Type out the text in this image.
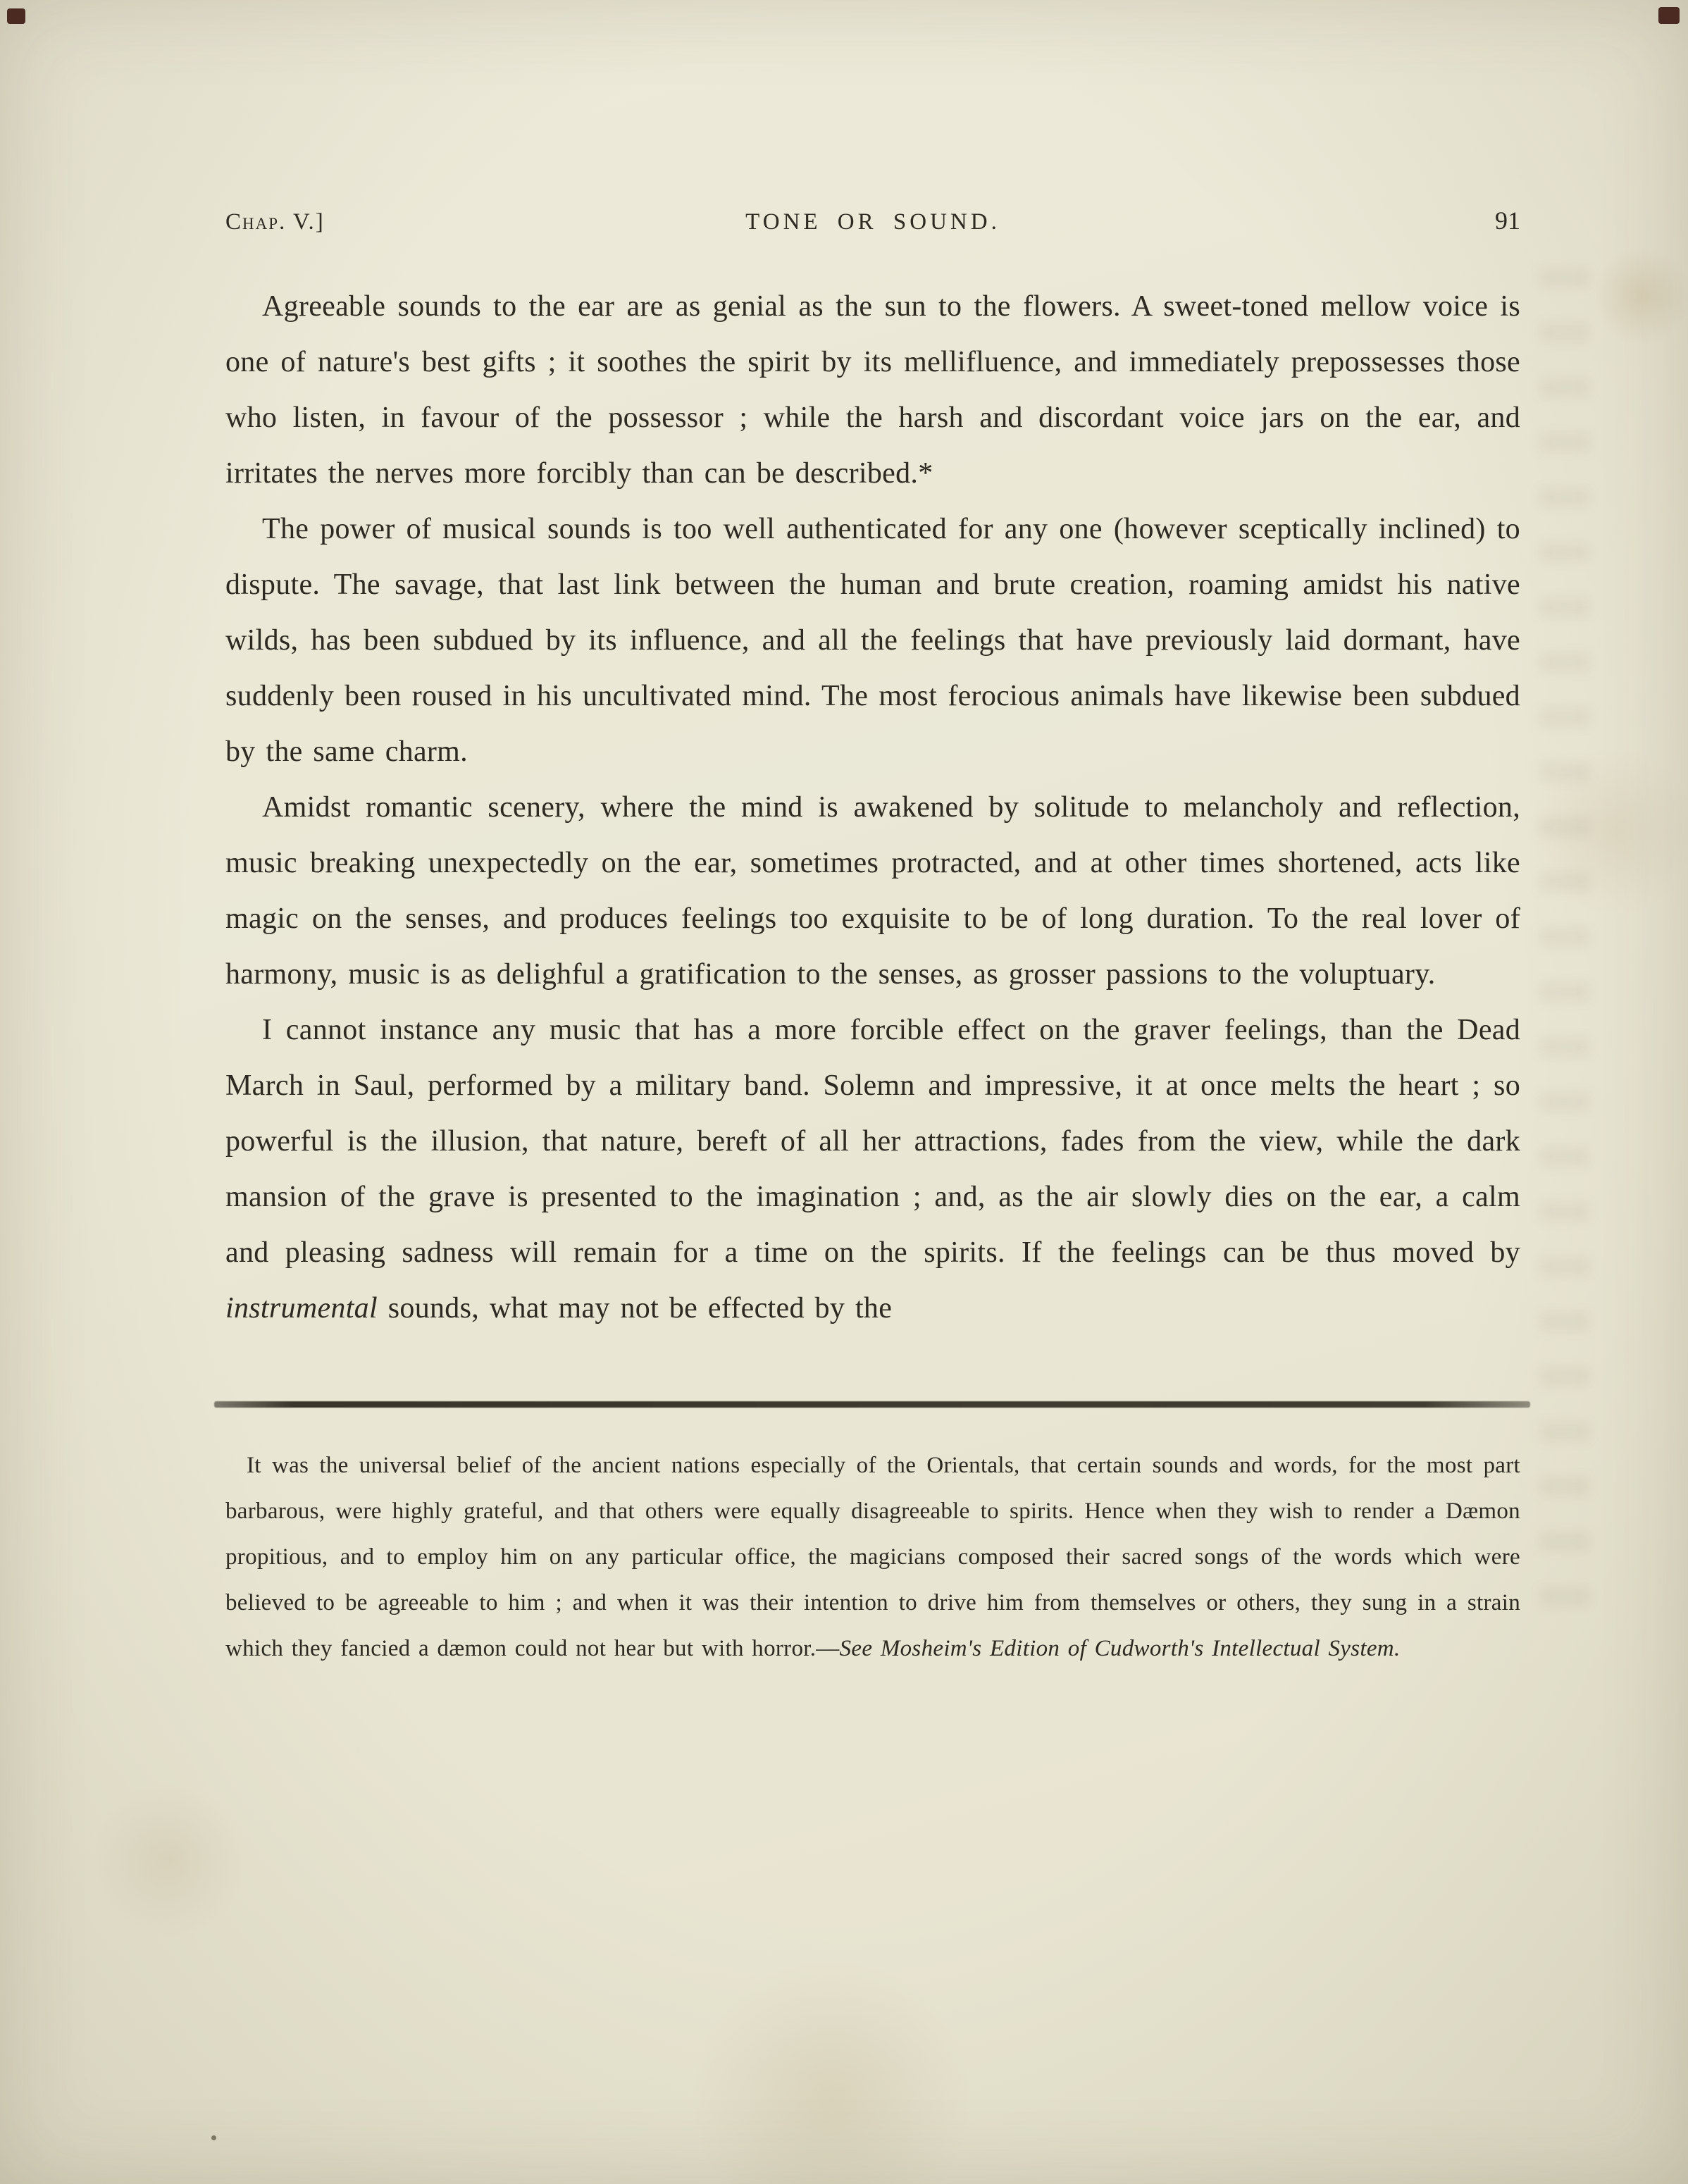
Chap. V.]	TONE OR SOUND.	91

Agreeable sounds to the ear are as genial as the sun to the flowers. A sweet-toned mellow voice is one of nature's best gifts ; it soothes the spirit by its mellifluence, and immediately prepossesses those who listen, in favour of the possessor ; while the harsh and discordant voice jars on the ear, and irritates the nerves more forcibly than can be described.*

The power of musical sounds is too well authenticated for any one (however sceptically inclined) to dispute. The savage, that last link between the human and brute creation, roaming amidst his native wilds, has been subdued by its influence, and all the feelings that have previously laid dormant, have suddenly been roused in his uncultivated mind. The most ferocious animals have likewise been subdued by the same charm.

Amidst romantic scenery, where the mind is awakened by solitude to melancholy and reflection, music breaking unexpectedly on the ear, sometimes protracted, and at other times shortened, acts like magic on the senses, and produces feelings too exquisite to be of long duration. To the real lover of harmony, music is as delighful a gratification to the senses, as grosser passions to the voluptuary.

I cannot instance any music that has a more forcible effect on the graver feelings, than the Dead March in Saul, performed by a military band. Solemn and impressive, it at once melts the heart ; so powerful is the illusion, that nature, bereft of all her attractions, fades from the view, while the dark mansion of the grave is presented to the imagination ; and, as the air slowly dies on the ear, a calm and pleasing sadness will remain for a time on the spirits. If the feelings can be thus moved by instrumental sounds, what may not be effected by the

It was the universal belief of the ancient nations especially of the Orientals, that certain sounds and words, for the most part barbarous, were highly grateful, and that others were equally disagreeable to spirits. Hence when they wish to render a Dæmon propitious, and to employ him on any particular office, the magicians composed their sacred songs of the words which were believed to be agreeable to him ; and when it was their intention to drive him from themselves or others, they sung in a strain which they fancied a dæmon could not hear but with horror.—See Mosheim's Edition of Cudworth's Intellectual System.
